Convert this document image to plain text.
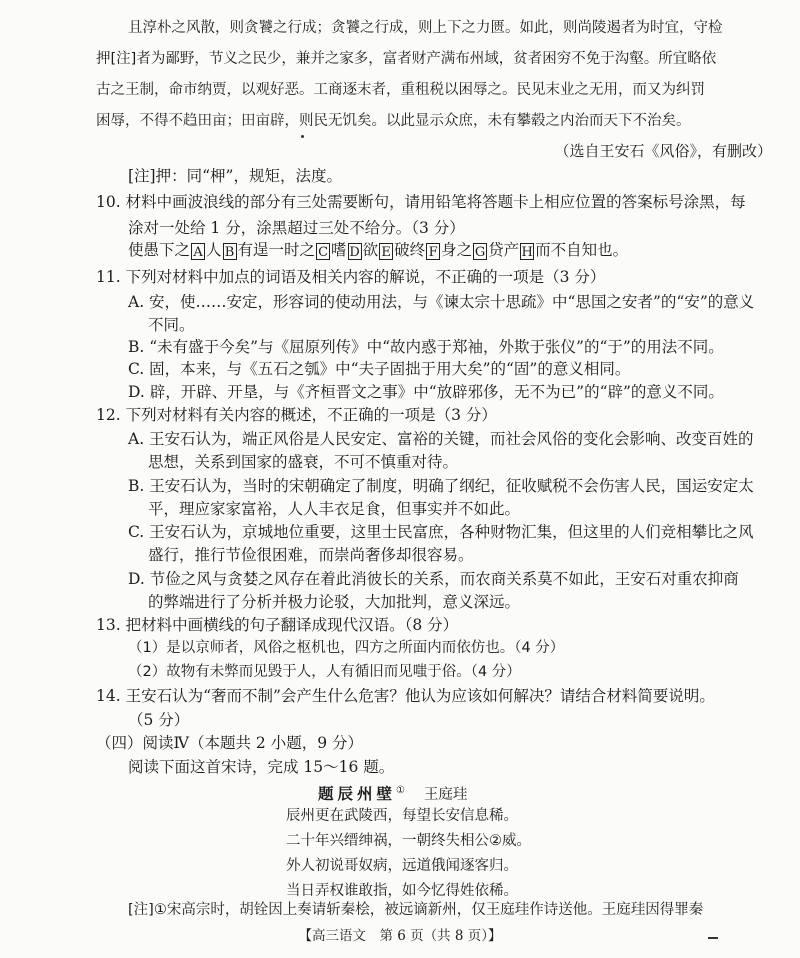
且淳朴之风散，则贪饕之行成；贪饕之行成，则上下之力匮。如此，则尚陵遏者为时宜，守检
押[注]者为鄙野，节义之民少，兼并之家多，富者财产满布州域，贫者困穷不免于沟壑。所宜略依
古之王制，命市纳贾，以观好恶。工商逐末者，重租税以困辱之。民见末业之无用，而又为纠罚
困辱，不得不趋田亩；田亩辟，则民无饥矣。以此显示众庶，未有攀毂之内治而天下不治矣。
（选自王安石《风俗》，有删改）
[注]押：同“柙”，规矩，法度。
10. 材料中画波浪线的部分有三处需要断句，请用铅笔将答题卡上相应位置的答案标号涂黑，每
涂对一处给 1 分，涂黑超过三处不给分。（3 分）
使愚下之 A 人 B 有逞一时之 C 嗜 D 欲 E 破终 F 身之 G 贷产 H 而不自知也。
11. 下列对材料中加点的词语及相关内容的解说，不正确的一项是（3 分）
A. 安，使……安定，形容词的使动用法，与《谏太宗十思疏》中“思国之安者”的“安”的意义
不同。
B. “未有盛于今矣”与《屈原列传》中“故内惑于郑袖，外欺于张仪”的“于”的用法不同。
C. 固，本来，与《五石之瓠》中“夫子固拙于用大矣”的“固”的意义相同。
D. 辟，开辟、开垦，与《齐桓晋文之事》中“放辟邪侈，无不为已”的“辟”的意义不同。
12. 下列对材料有关内容的概述，不正确的一项是（3 分）
A. 王安石认为，端正风俗是人民安定、富裕的关键，而社会风俗的变化会影响、改变百姓的
思想，关系到国家的盛衰，不可不慎重对待。
B. 王安石认为，当时的宋朝确定了制度，明确了纲纪，征收赋税不会伤害人民，国运安定太
平，理应家家富裕，人人丰衣足食，但事实并不如此。
C. 王安石认为，京城地位重要，这里士民富庶，各种财物汇集，但这里的人们竞相攀比之风
盛行，推行节俭很困难，而崇尚奢侈却很容易。
D. 节俭之风与贪婪之风存在着此消彼长的关系，而农商关系莫不如此，王安石对重农抑商
的弊端进行了分析并极力论驳，大加批判，意义深远。
13. 把材料中画横线的句子翻译成现代汉语。（8 分）
（1）是以京师者，风俗之枢机也，四方之所面内而依仿也。（4 分）
（2）故物有未弊而见毁于人，人有循旧而见嗤于俗。（4 分）
14. 王安石认为“奢而不制”会产生什么危害？他认为应该如何解决？请结合材料简要说明。
（5 分）
（四）阅读Ⅳ（本题共 2 小题，9 分）
阅读下面这首宋诗，完成 15～16 题。
题辰州壁① 王庭珪
辰州更在武陵西，每望长安信息稀。
二十年兴缙绅祸，一朝终失相公②威。
外人初说哥奴病，远道俄闻逐客归。
当日弄权谁敢指，如今忆得姓依稀。
[注]①宋高宗时，胡铨因上奏请斩秦桧，被远谪新州，仅王庭珪作诗送他。王庭珪因得罪秦
【高三语文　第 6 页（共 8 页）】
